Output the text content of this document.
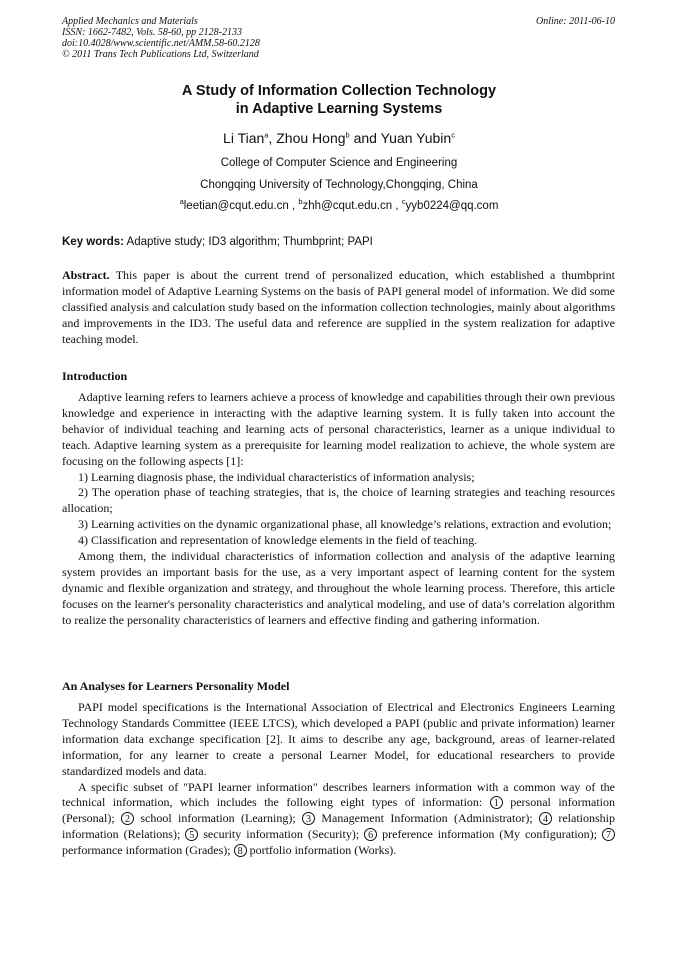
Applied Mechanics and Materials
ISSN: 1662-7482, Vols. 58-60, pp 2128-2133
doi:10.4028/www.scientific.net/AMM.58-60.2128
© 2011 Trans Tech Publications Ltd, Switzerland
Online: 2011-06-10
A Study of Information Collection Technology
in Adaptive Learning Systems
Li Tian$^a$, Zhou Hong$^b$ and Yuan Yubin$^c$
College of Computer Science and Engineering
Chongqing University of Technology,Chongqing, China
$^a$leetian@cqut.edu.cn , $^b$zhh@cqut.edu.cn , $^c$yyb0224@qq.com
Key words: Adaptive study; ID3 algorithm; Thumbprint; PAPI

Abstract. This paper is about the current trend of personalized education, which established a thumbprint information model of Adaptive Learning Systems on the basis of PAPI general model of information. We did some classified analysis and calculation study based on the information collection technologies, mainly about algorithms and improvements in the ID3. The useful data and reference are supplied in the system realization for adaptive teaching model.

Introduction

Adaptive learning refers to learners achieve a process of knowledge and capabilities through their own previous knowledge and experience in interacting with the adaptive learning system. It is fully taken into account the behavior of individual teaching and learning acts of personal characteristics, learner as a unique individual to teach. Adaptive learning system as a prerequisite for learning model realization to achieve, the whole system are focusing on the following aspects [1]:

1) Learning diagnosis phase, the individual characteristics of information analysis;

2) The operation phase of teaching strategies, that is, the choice of learning strategies and teaching resources allocation;

3) Learning activities on the dynamic organizational phase, all knowledge’s relations, extraction and evolution;

4) Classification and representation of knowledge elements in the field of teaching.

Among them, the individual characteristics of information collection and analysis of the adaptive learning system provides an important basis for the use, as a very important aspect of learning content for the system dynamic and flexible organization and strategy, and throughout the whole learning process. Therefore, this article focuses on the learner's personality characteristics and analytical modeling, and use of data’s correlation algorithm to realize the personality characteristics of learners and effective finding and gathering information.

An Analyses for Learners Personality Model

PAPI model specifications is the International Association of Electrical and Electronics Engineers Learning Technology Standards Committee (IEEE LTCS), which developed a PAPI (public and private information) learner information data exchange specification [2]. It aims to describe any age, background, areas of learner-related information, for any learner to create a personal Learner Model, for educational researchers to provide standardized models and data.

A specific subset of "PAPI learner information" describes learners information with a common way of the technical information, which includes the following eight types of information: 1 personal information (Personal); 2 school information (Learning); 3 Management Information (Administrator); 4 relationship information (Relations); 5 security information (Security); 6 preference information (My configuration); 7 performance information (Grades); 8 portfolio information (Works).
